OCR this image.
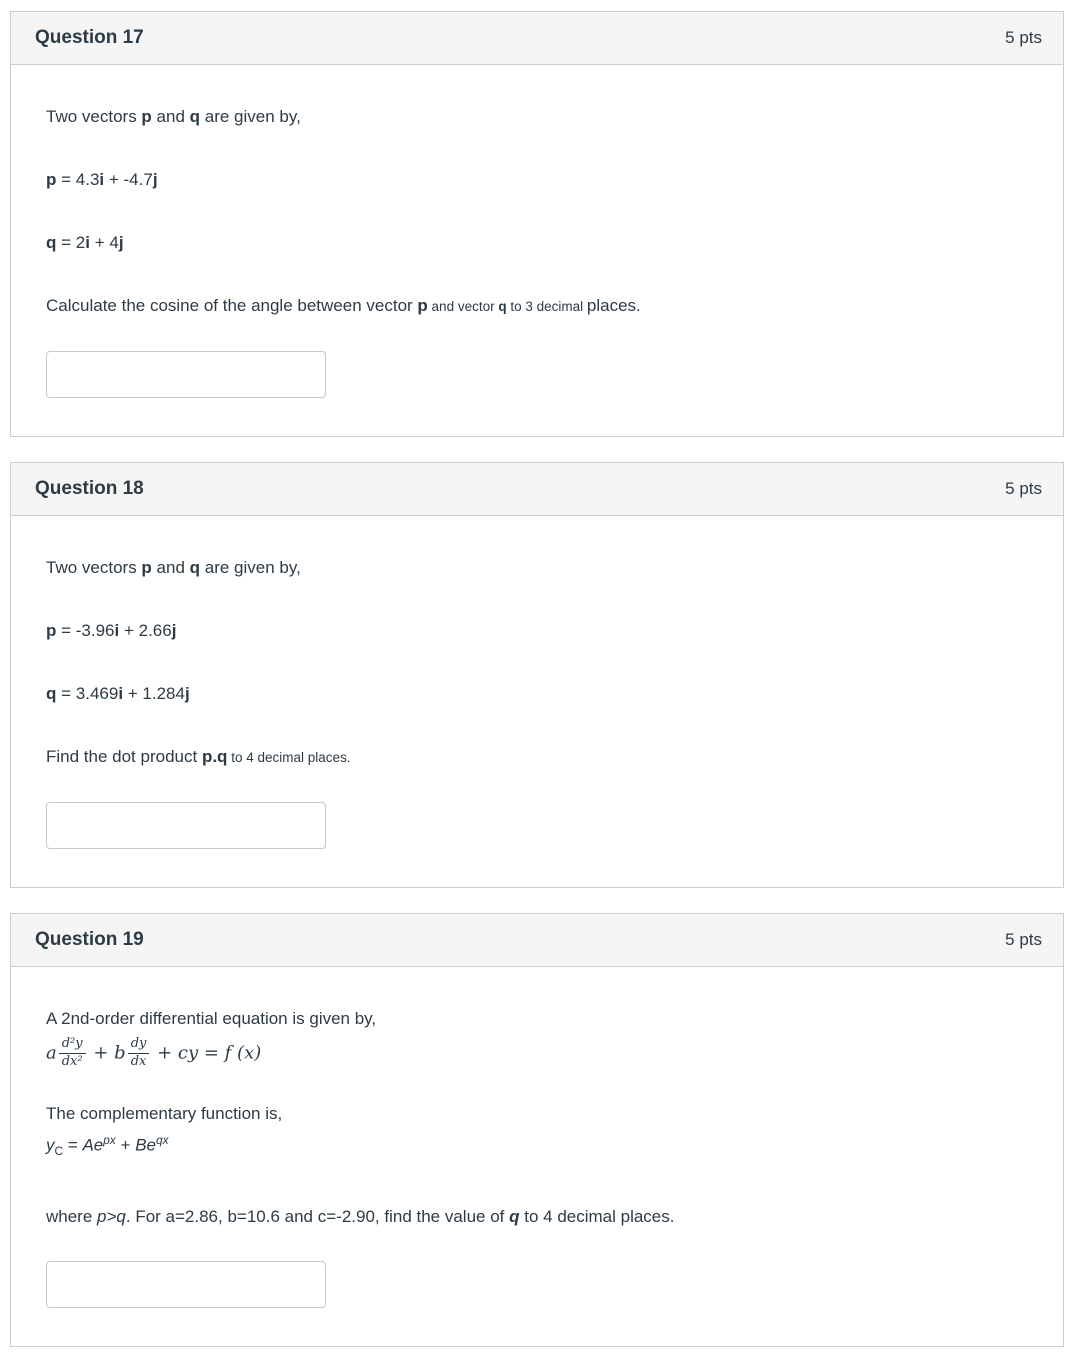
Question 17	5 pts

Two vectors p and q are given by,

p = 4.3i + -4.7j

q = 2i + 4j

Calculate the cosine of the angle between vector p and vector q to 3 decimal places.

Question 18	5 pts

Two vectors p and q are given by,

p = -3.96i + 2.66j

q = 3.469i + 1.284j

Find the dot product p.q to 4 decimal places.

Question 19	5 pts

A 2nd-order differential equation is given by,

a $\frac{\text{d²y}}{\text{dx²}} + b \frac{dy}{dx}$ + cy = f (x)

The complementary function is,

$y_C = Ae^{px} + Be^{qx}$

where p>q. For a=2.86, b=10.6 and c=-2.90, find the value of q to 4 decimal places.
